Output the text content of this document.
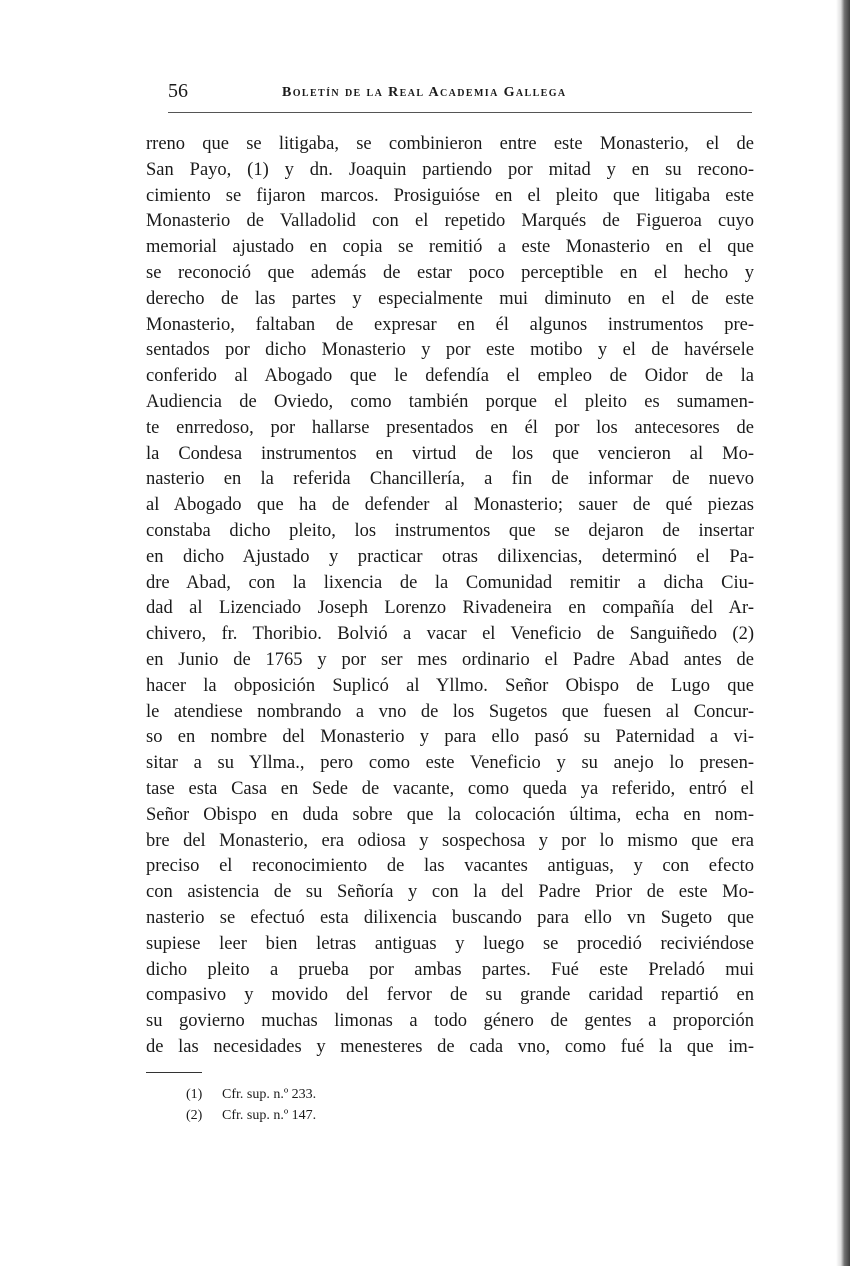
56	Boletín de la Real Academia Gallega
rreno que se litigaba, se combinieron entre este Monasterio, el de
San Payo, (1) y dn. Joaquin partiendo por mitad y en su recono-
cimiento se fijaron marcos. Prosiguióse en el pleito que litigaba este
Monasterio de Valladolid con el repetido Marqués de Figueroa cuyo
memorial ajustado en copia se remitió a este Monasterio en el que
se reconoció que además de estar poco perceptible en el hecho y
derecho de las partes y especialmente mui diminuto en el de este
Monasterio, faltaban de expresar en él algunos instrumentos pre-
sentados por dicho Monasterio y por este motibo y el de havérsele
conferido al Abogado que le defendía el empleo de Oidor de la
Audiencia de Oviedo, como también porque el pleito es sumamen-
te enrredoso, por hallarse presentados en él por los antecesores de
la Condesa instrumentos en virtud de los que vencieron al Mo-
nasterio en la referida Chancillería, a fin de informar de nuevo
al Abogado que ha de defender al Monasterio; sauer de qué piezas
constaba dicho pleito, los instrumentos que se dejaron de insertar
en dicho Ajustado y practicar otras dilixencias, determinó el Pa-
dre Abad, con la lixencia de la Comunidad remitir a dicha Ciu-
dad al Lizenciado Joseph Lorenzo Rivadeneira en compañía del Ar-
chivero, fr. Thoribio. Bolvió a vacar el Veneficio de Sanguiñedo (2)
en Junio de 1765 y por ser mes ordinario el Padre Abad antes de
hacer la obposición Suplicó al Yllmo. Señor Obispo de Lugo que
le atendiese nombrando a vno de los Sugetos que fuesen al Concur-
so en nombre del Monasterio y para ello pasó su Paternidad a vi-
sitar a su Yllma., pero como este Veneficio y su anejo lo presen-
tase esta Casa en Sede de vacante, como queda ya referido, entró el
Señor Obispo en duda sobre que la colocación última, echa en nom-
bre del Monasterio, era odiosa y sospechosa y por lo mismo que era
preciso el reconocimiento de las vacantes antiguas, y con efecto
con asistencia de su Señoría y con la del Padre Prior de este Mo-
nasterio se efectuó esta dilixencia buscando para ello vn Sugeto que
supiese leer bien letras antiguas y luego se procedió reciviéndose
dicho pleito a prueba por ambas partes. Fué este Preladó mui
compasivo y movido del fervor de su grande caridad repartió en
su govierno muchas limonas a todo género de gentes a proporción
de las necesidades y menesteres de cada vno, como fué la que im-
(1) Cfr. sup. n.º 233.
(2) Cfr. sup. n.º 147.
